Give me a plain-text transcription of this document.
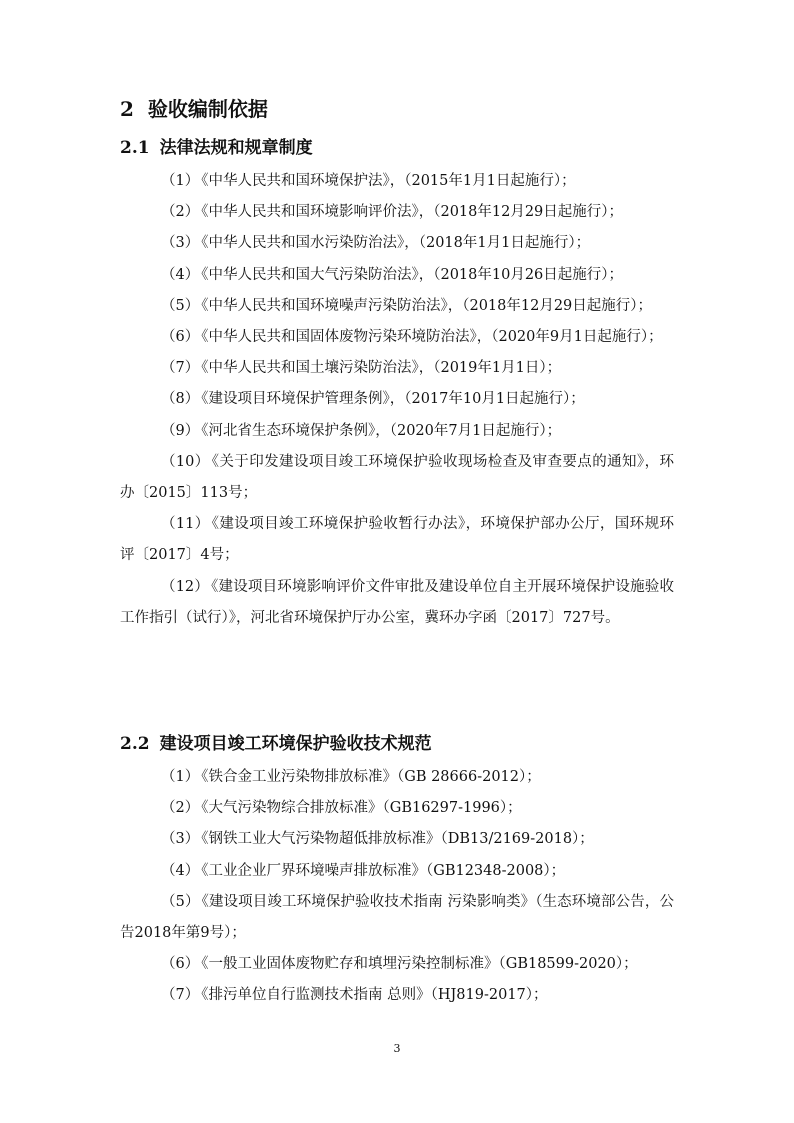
2 验收编制依据
2.1 法律法规和规章制度
（1） 《中华人民共和国环境保护法》，（2015年1月1日起施行）；
（2） 《中华人民共和国环境影响评价法》，（2018年12月29日起施行）；
（3） 《中华人民共和国水污染防治法》，（2018年1月1日起施行）；
（4） 《中华人民共和国大气污染防治法》，（2018年10月26日起施行）；
（5） 《中华人民共和国环境噪声污染防治法》，（2018年12月29日起施行）；
（6） 《中华人民共和国固体废物污染环境防治法》，（2020年9月1日起施行）；
（7） 《中华人民共和国土壤污染防治法》，（2019年1月1日）；
（8） 《建设项目环境保护管理条例》，（2017年10月1日起施行）；
（9） 《河北省生态环境保护条例》，（2020年7月1日起施行）；
（10） 《关于印发建设项目竣工环境保护验收现场检查及审查要点的通知》，环办〔2015〕113号；
（11） 《建设项目竣工环境保护验收暂行办法》，环境保护部办公厅，国环规环评〔2017〕4号；
（12） 《建设项目环境影响评价文件审批及建设单位自主开展环境保护设施验收工作指引（试行）》，河北省环境保护厅办公室，冀环办字函〔2017〕727号。
2.2 建设项目竣工环境保护验收技术规范
（1） 《铁合金工业污染物排放标准》（GB 28666-2012）；
（2） 《大气污染物综合排放标准》（GB16297-1996）；
（3） 《钢铁工业大气污染物超低排放标准》（DB13/2169-2018）；
（4） 《工业企业厂界环境噪声排放标准》（GB12348-2008）；
（5） 《建设项目竣工环境保护验收技术指南 污染影响类》（生态环境部公告，公告2018年第9号）；
（6） 《一般工业固体废物贮存和填埋污染控制标准》（GB18599-2020）；
（7） 《排污单位自行监测技术指南 总则》（HJ819-2017）；
3
